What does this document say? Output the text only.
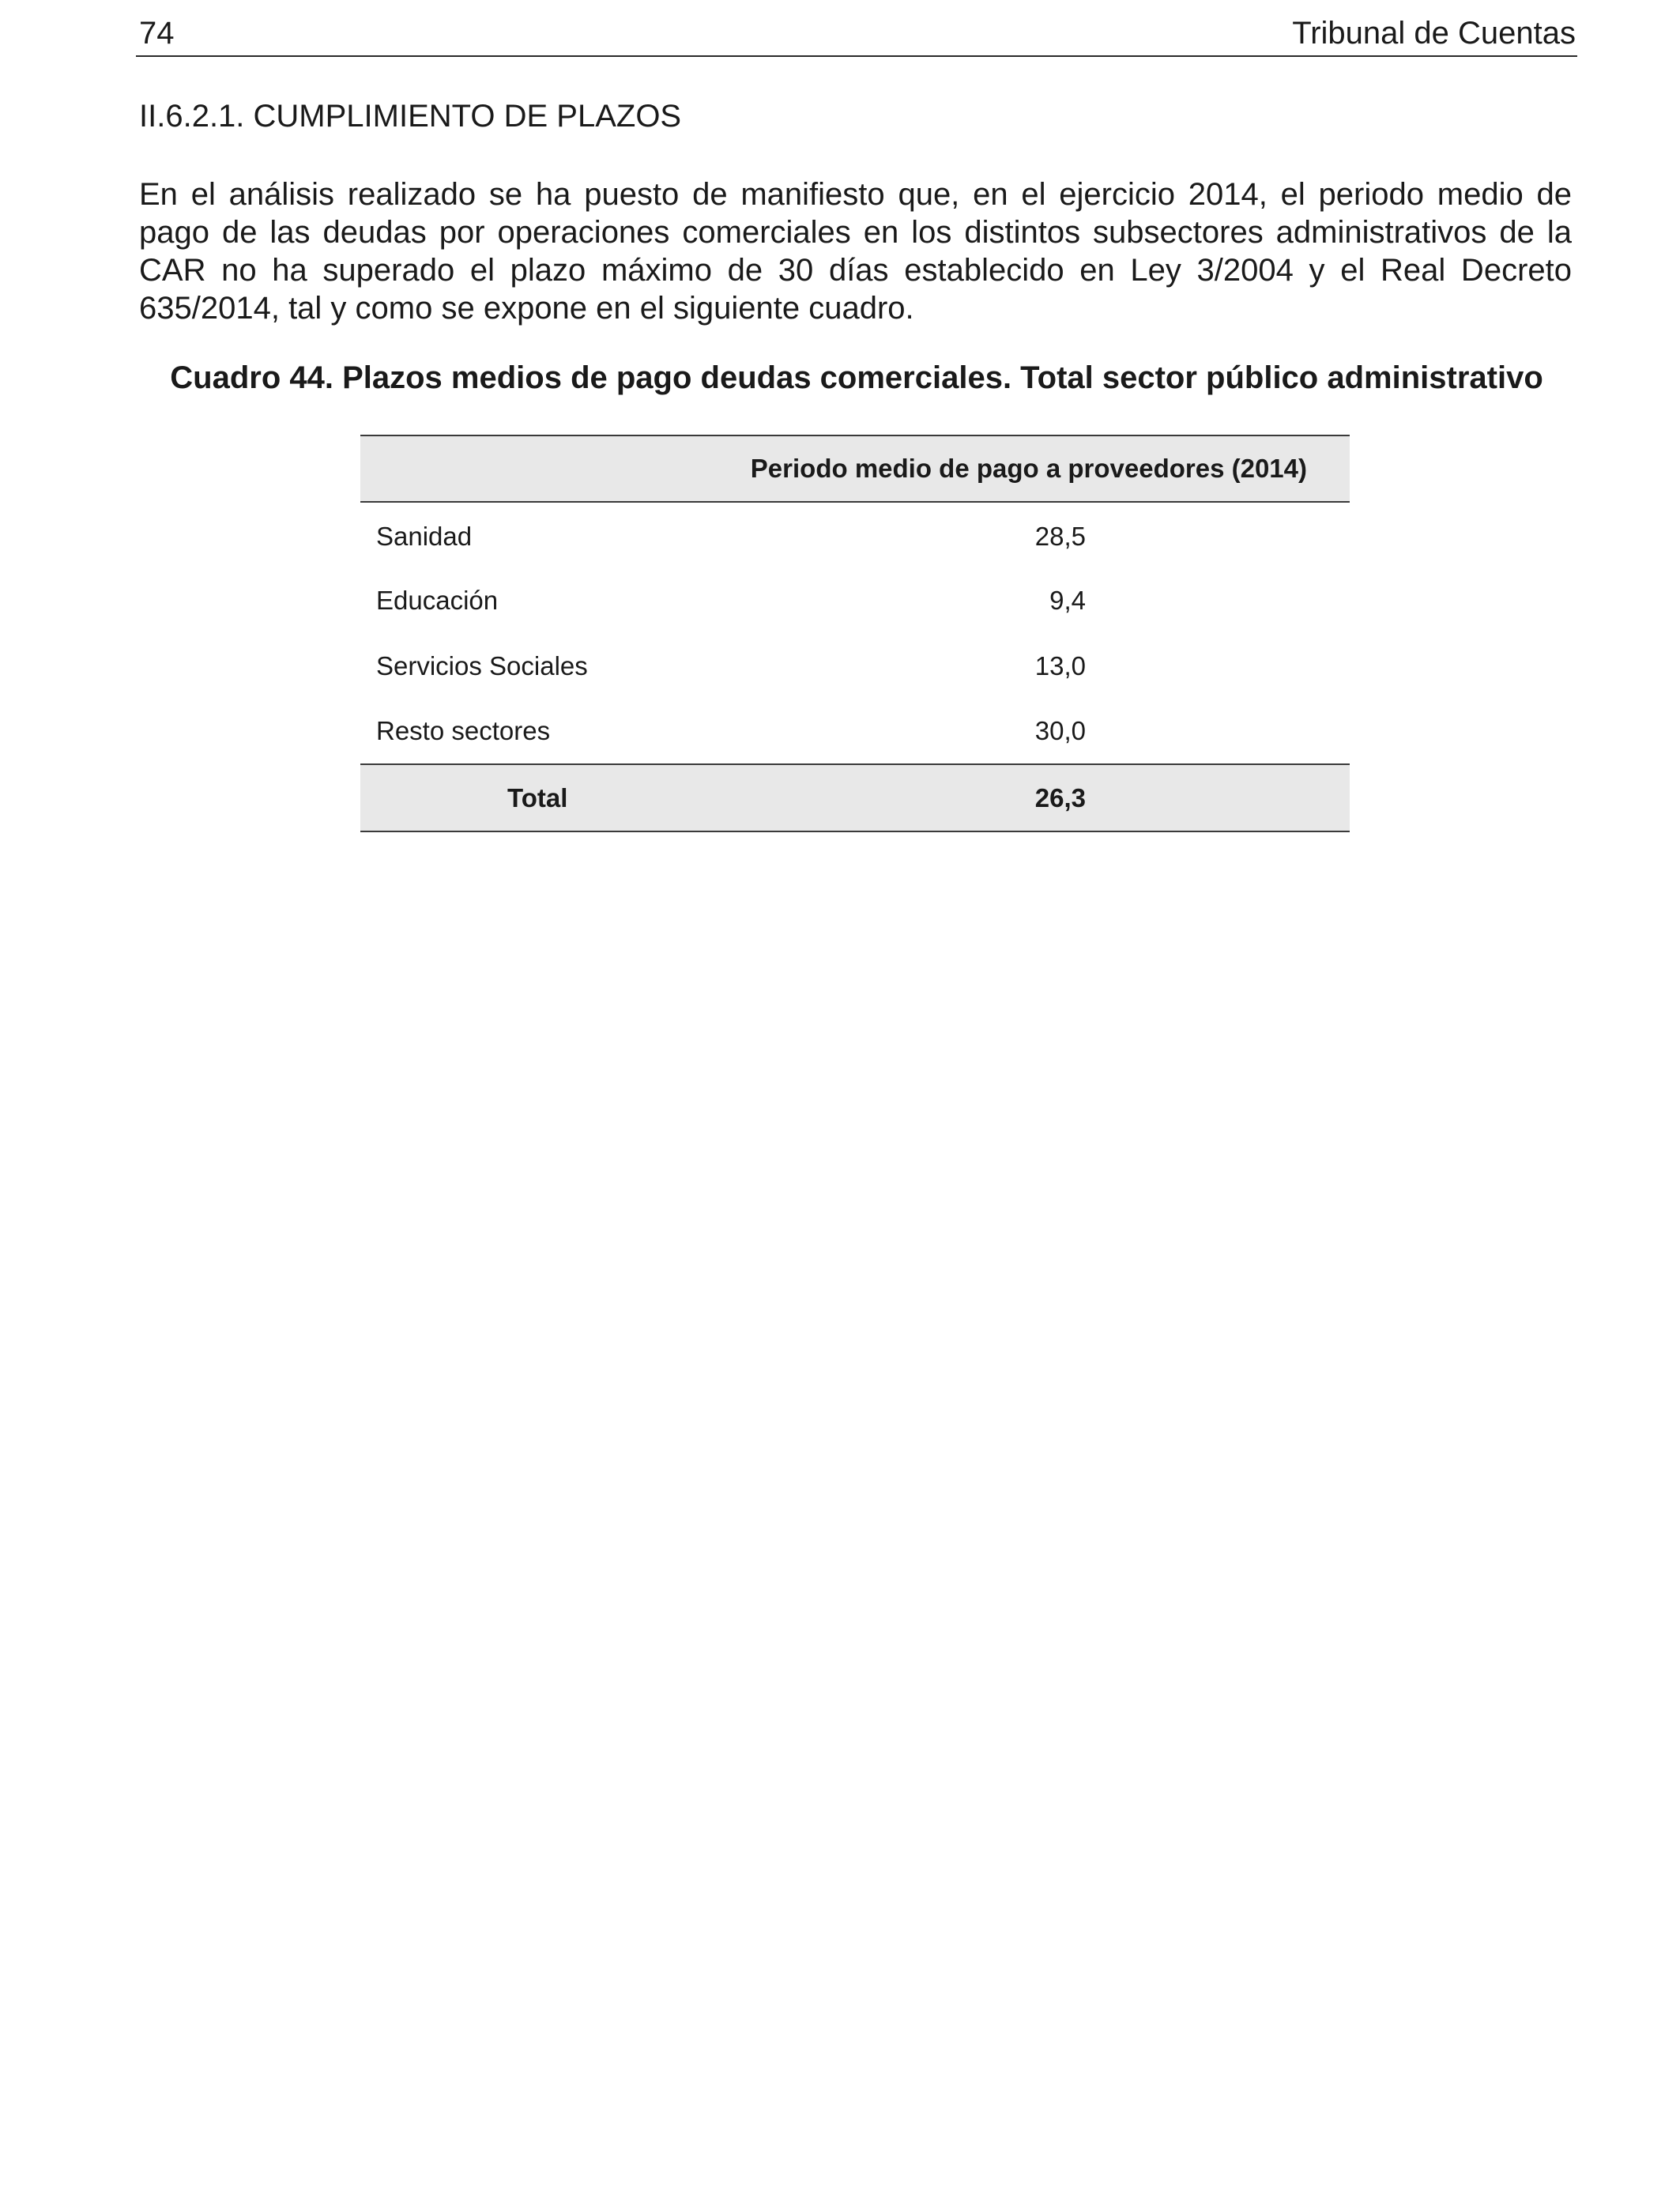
74	Tribunal de Cuentas
II.6.2.1. CUMPLIMIENTO DE PLAZOS

En el análisis realizado se ha puesto de manifiesto que, en el ejercicio 2014, el periodo medio de pago de las deudas por operaciones comerciales en los distintos subsectores administrativos de la CAR no ha superado el plazo máximo de 30 días establecido en Ley 3/2004 y el Real Decreto 635/2014, tal y como se expone en el siguiente cuadro.

Cuadro 44. Plazos medios de pago deudas comerciales. Total sector público administrativo

	Periodo medio de pago a proveedores (2014)
Sanidad	28,5
Educación	9,4
Servicios Sociales	13,0
Resto sectores	30,0
Total	26,3
